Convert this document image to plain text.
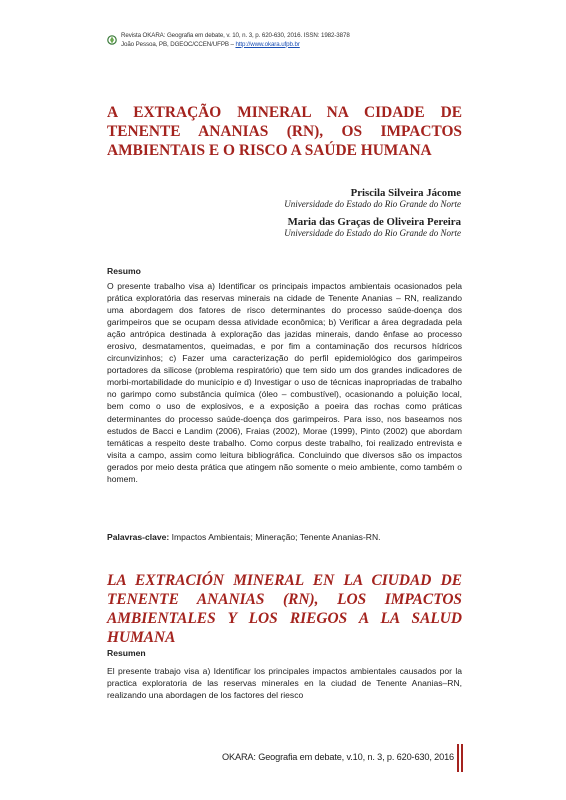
Revista OKARA: Geografia em debate, v. 10, n. 3, p. 620-630, 2016. ISSN: 1982-3878
João Pessoa, PB, DGEOC/CCEN/UFPB – http://www.okara.ufpb.br
A EXTRAÇÃO MINERAL NA CIDADE DE TENENTE ANANIAS (RN), OS IMPACTOS AMBIENTAIS E O RISCO A SAÚDE HUMANA
Priscila Silveira Jácome
Universidade do Estado do Rio Grande do Norte
Maria das Graças de Oliveira Pereira
Universidade do Estado do Rio Grande do Norte
Resumo

O presente trabalho visa a) Identificar os principais impactos ambientais ocasionados pela prática exploratória das reservas minerais na cidade de Tenente Ananias – RN, realizando uma abordagem dos fatores de risco determinantes do processo saúde-doença dos garimpeiros que se ocupam dessa atividade econômica; b) Verificar a área degradada pela ação antrópica destinada à exploração das jazidas minerais, dando ênfase ao processo erosivo, desmatamentos, queimadas, e por fim a contaminação dos recursos hídricos circunvizinhos; c) Fazer uma caracterização do perfil epidemiológico dos garimpeiros portadores da silicose (problema respiratório) que tem sido um dos grandes indicadores de morbi-mortabilidade do município e d) Investigar o uso de técnicas inapropriadas de trabalho no garimpo como substância química (óleo – combustível), ocasionando a poluição local, bem como o uso de explosivos, e a exposição a poeira das rochas como práticas determinantes do processo saúde-doença dos garimpeiros. Para isso, nos baseamos nos estudos de Bacci e Landim (2006), Fraias (2002), Morae (1999), Pinto (2002) que abordam temáticas a respeito deste trabalho. Como corpus deste trabalho, foi realizado entrevista e visita a campo, assim como leitura bibliográfica. Concluindo que diversos são os impactos gerados por meio desta prática que atingem não somente o meio ambiente, como também o homem.

Palavras-clave: Impactos Ambientais; Mineração; Tenente Ananias-RN.
LA EXTRACIÓN MINERAL EN LA CIUDAD DE TENENTE ANANIAS (RN), LOS IMPACTOS AMBIENTALES Y LOS RIEGOS A LA SALUD HUMANA
Resumen

El presente trabajo visa a) Identificar los principales impactos ambientales causados por la practica exploratoria de las reservas minerales en la ciudad de Tenente Ananias–RN, realizando una abordagen de los factores del riesco

OKARA: Geografia em debate, v.10, n. 3, p. 620-630, 2016
